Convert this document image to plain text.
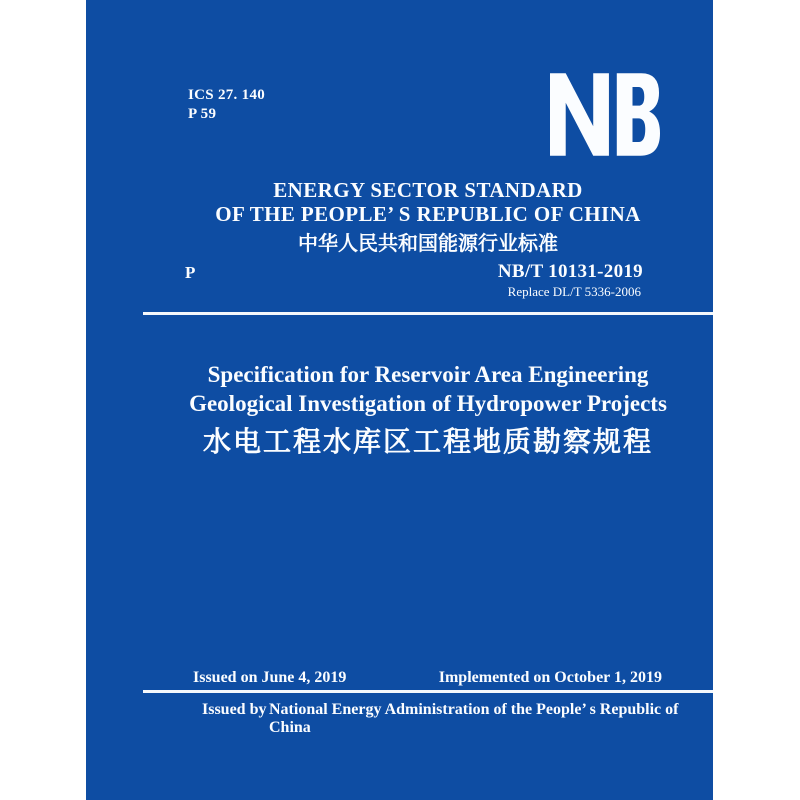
ICS 27. 140
P 59
ENERGY SECTOR STANDARD
OF THE PEOPLE’ S REPUBLIC OF CHINA
中华人民共和国能源行业标准
P	NB/T 10131-2019
Replace DL/T 5336-2006
Specification for Reservoir Area Engineering
Geological Investigation of Hydropower Projects
水电工程水库区工程地质勘察规程
Issued on June 4, 2019	Implemented on October 1, 2019
Issued by National Energy Administration of the People’ s Republic of China
